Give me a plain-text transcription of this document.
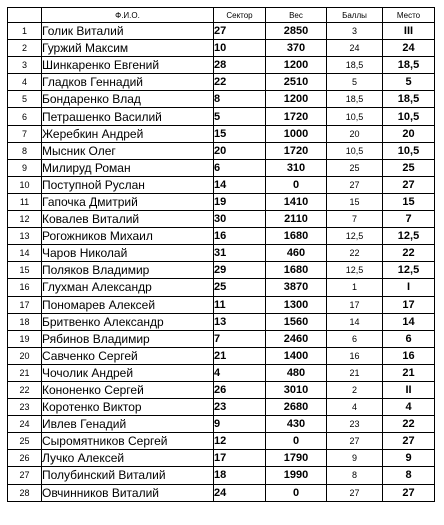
	Ф.И.О.	Сектор	Вес	Баллы	Место
1	Голик Виталий	27	2850	3	III
2	Гуржий Максим	10	370	24	24
3	Шинкаренко Евгений	28	1200	18,5	18,5
4	Гладков Геннадий	22	2510	5	5
5	Бондаренко Влад	8	1200	18,5	18,5
6	Петрашенко Василий	5	1720	10,5	10,5
7	Жеребкин Андрей	15	1000	20	20
8	Мысник Олег	20	1720	10,5	10,5
9	Милируд Роман	6	310	25	25
10	Поступной Руслан	14	0	27	27
11	Гапочка Дмитрий	19	1410	15	15
12	Ковалев Виталий	30	2110	7	7
13	Рогожников Михаил	16	1680	12,5	12,5
14	Чаров Николай	31	460	22	22
15	Поляков Владимир	29	1680	12,5	12,5
16	Глухман Александр	25	3870	1	I
17	Пономарев Алексей	11	1300	17	17
18	Бритвенко Александр	13	1560	14	14
19	Рябинов Владимир	7	2460	6	6
20	Савченко Сергей	21	1400	16	16
21	Чочолик Андрей	4	480	21	21
22	Кононенко Сергей	26	3010	2	II
23	Коротенко Виктор	23	2680	4	4
24	Ивлев Генадий	9	430	23	22
25	Сыромятников Сергей	12	0	27	27
26	Лучко Алексей	17	1790	9	9
27	Полубинский Виталий	18	1990	8	8
28	Овчинников Виталий	24	0	27	27
